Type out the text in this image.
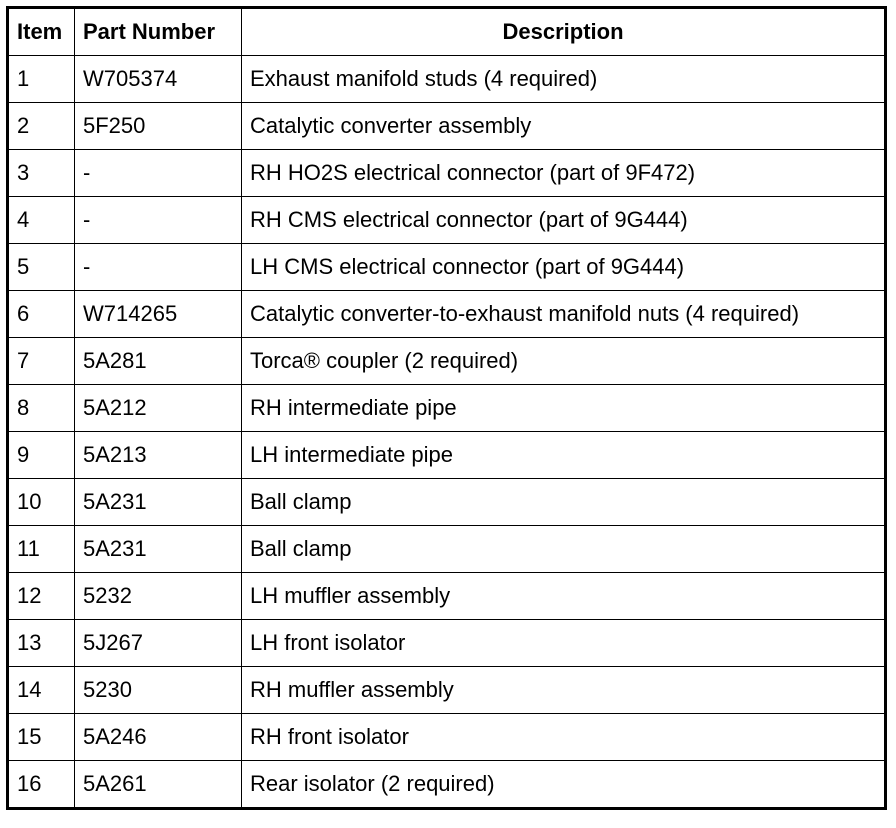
Item	Part Number	Description
1	W705374	Exhaust manifold studs (4 required)
2	5F250	Catalytic converter assembly
3	-	RH HO2S electrical connector (part of 9F472)
4	-	RH CMS electrical connector (part of 9G444)
5	-	LH CMS electrical connector (part of 9G444)
6	W714265	Catalytic converter-to-exhaust manifold nuts (4 required)
7	5A281	Torca® coupler (2 required)
8	5A212	RH intermediate pipe
9	5A213	LH intermediate pipe
10	5A231	Ball clamp
11	5A231	Ball clamp
12	5232	LH muffler assembly
13	5J267	LH front isolator
14	5230	RH muffler assembly
15	5A246	RH front isolator
16	5A261	Rear isolator (2 required)
